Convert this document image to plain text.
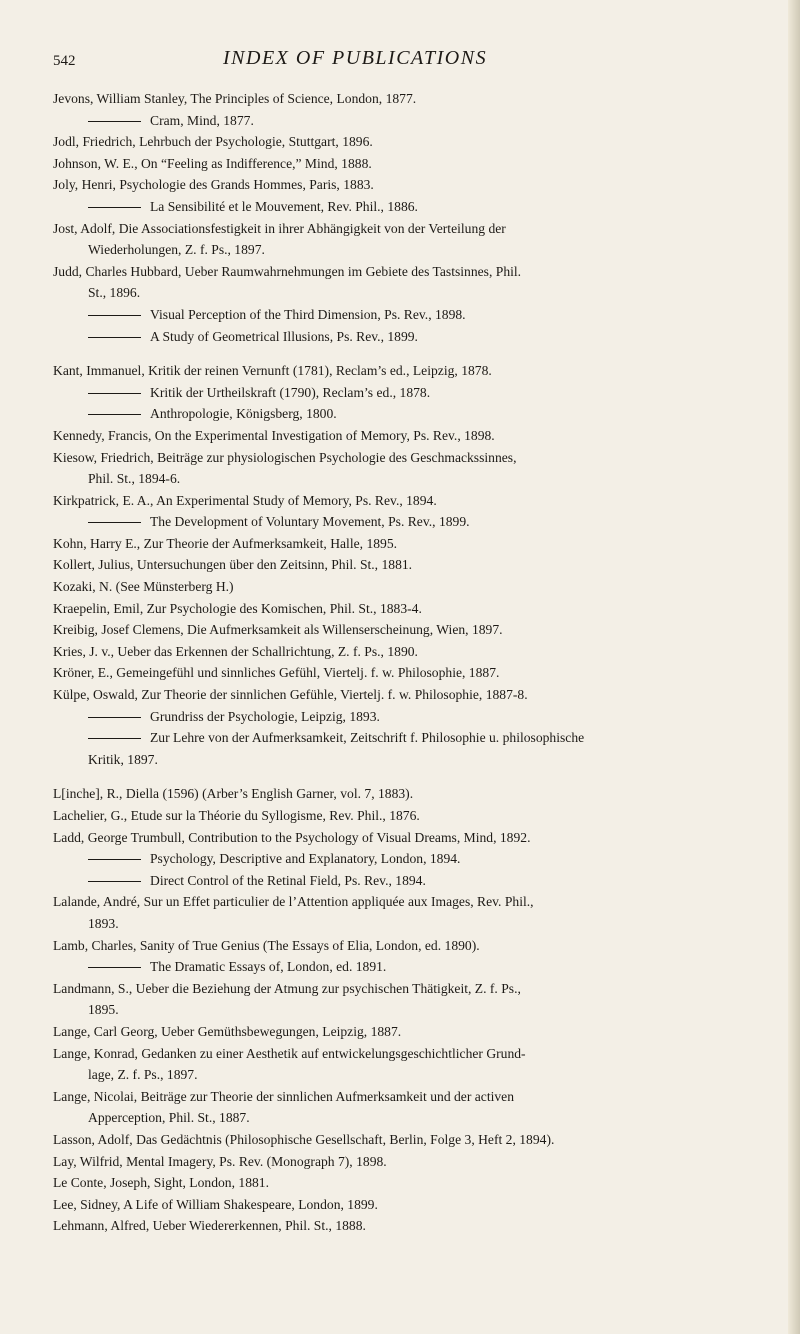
542	INDEX OF PUBLICATIONS
Jevons, William Stanley, The Principles of Science, London, 1877.
Cram, Mind, 1877.
Jodl, Friedrich, Lehrbuch der Psychologie, Stuttgart, 1896.
Johnson, W. E., On “Feeling as Indifference,” Mind, 1888.
Joly, Henri, Psychologie des Grands Hommes, Paris, 1883.
La Sensibilité et le Mouvement, Rev. Phil., 1886.
Jost, Adolf, Die Associationsfestigkeit in ihrer Abhängigkeit von der Verteilung der
Wiederholungen, Z. f. Ps., 1897.
Judd, Charles Hubbard, Ueber Raumwahrnehmungen im Gebiete des Tastsinnes, Phil.
St., 1896.
Visual Perception of the Third Dimension, Ps. Rev., 1898.
A Study of Geometrical Illusions, Ps. Rev., 1899.
Kant, Immanuel, Kritik der reinen Vernunft (1781), Reclam’s ed., Leipzig, 1878.
Kritik der Urtheilskraft (1790), Reclam’s ed., 1878.
Anthropologie, Königsberg, 1800.
Kennedy, Francis, On the Experimental Investigation of Memory, Ps. Rev., 1898.
Kiesow, Friedrich, Beiträge zur physiologischen Psychologie des Geschmackssinnes,
Phil. St., 1894-6.
Kirkpatrick, E. A., An Experimental Study of Memory, Ps. Rev., 1894.
The Development of Voluntary Movement, Ps. Rev., 1899.
Kohn, Harry E., Zur Theorie der Aufmerksamkeit, Halle, 1895.
Kollert, Julius, Untersuchungen über den Zeitsinn, Phil. St., 1881.
Kozaki, N. (See Münsterberg H.)
Kraepelin, Emil, Zur Psychologie des Komischen, Phil. St., 1883-4.
Kreibig, Josef Clemens, Die Aufmerksamkeit als Willenserscheinung, Wien, 1897.
Kries, J. v., Ueber das Erkennen der Schallrichtung, Z. f. Ps., 1890.
Kröner, E., Gemeingefühl und sinnliches Gefühl, Viertelj. f. w. Philosophie, 1887.
Külpe, Oswald, Zur Theorie der sinnlichen Gefühle, Viertelj. f. w. Philosophie, 1887-8.
Grundriss der Psychologie, Leipzig, 1893.
Zur Lehre von der Aufmerksamkeit, Zeitschrift f. Philosophie u. philosophische
Kritik, 1897.
L[inche], R., Diella (1596) (Arber’s English Garner, vol. 7, 1883).
Lachelier, G., Etude sur la Théorie du Syllogisme, Rev. Phil., 1876.
Ladd, George Trumbull, Contribution to the Psychology of Visual Dreams, Mind, 1892.
Psychology, Descriptive and Explanatory, London, 1894.
Direct Control of the Retinal Field, Ps. Rev., 1894.
Lalande, André, Sur un Effet particulier de l’Attention appliquée aux Images, Rev. Phil.,
1893.
Lamb, Charles, Sanity of True Genius (The Essays of Elia, London, ed. 1890).
The Dramatic Essays of, London, ed. 1891.
Landmann, S., Ueber die Beziehung der Atmung zur psychischen Thätigkeit, Z. f. Ps.,
1895.
Lange, Carl Georg, Ueber Gemüthsbewegungen, Leipzig, 1887.
Lange, Konrad, Gedanken zu einer Aesthetik auf entwickelungsgeschichtlicher Grund-
lage, Z. f. Ps., 1897.
Lange, Nicolai, Beiträge zur Theorie der sinnlichen Aufmerksamkeit und der activen
Apperception, Phil. St., 1887.
Lasson, Adolf, Das Gedächtnis (Philosophische Gesellschaft, Berlin, Folge 3, Heft 2, 1894).
Lay, Wilfrid, Mental Imagery, Ps. Rev. (Monograph 7), 1898.
Le Conte, Joseph, Sight, London, 1881.
Lee, Sidney, A Life of William Shakespeare, London, 1899.
Lehmann, Alfred, Ueber Wiedererkennen, Phil. St., 1888.
